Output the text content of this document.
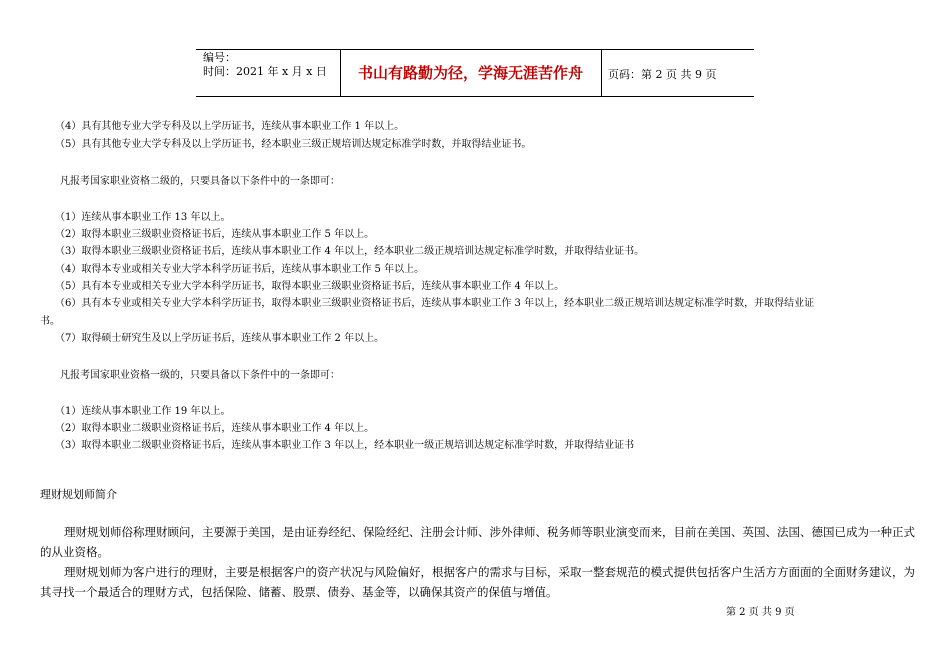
编号：
时间：2021 年 x 月 x 日	书山有路勤为径，学海无涯苦作舟	页码：第 2 页 共 9 页
（4）具有其他专业大学专科及以上学历证书，连续从事本职业工作 1 年以上。
（5）具有其他专业大学专科及以上学历证书，经本职业三级正规培训达规定标准学时数，并取得结业证书。
凡报考国家职业资格二级的，只要具备以下条件中的一条即可：
（1）连续从事本职业工作 13 年以上。
（2）取得本职业三级职业资格证书后，连续从事本职业工作 5 年以上。
（3）取得本职业三级职业资格证书后，连续从事本职业工作 4 年以上，经本职业二级正规培训达规定标准学时数，并取得结业证书。
（4）取得本专业或相关专业大学本科学历证书后，连续从事本职业工作 5 年以上。
（5）具有本专业或相关专业大学本科学历证书，取得本职业三级职业资格证书后，连续从事本职业工作 4 年以上。
（6）具有本专业或相关专业大学本科学历证书，取得本职业三级职业资格证书后，连续从事本职业工作 3 年以上，经本职业二级正规培训达规定标准学时数，并取得结业证
书。
（7）取得硕士研究生及以上学历证书后，连续从事本职业工作 2 年以上。
凡报考国家职业资格一级的，只要具备以下条件中的一条即可：
（1）连续从事本职业工作 19 年以上。
（2）取得本职业二级职业资格证书后，连续从事本职业工作 4 年以上。
（3）取得本职业二级职业资格证书后，连续从事本职业工作 3 年以上，经本职业一级正规培训达规定标准学时数，并取得结业证书
理财规划师简介
理财规划师俗称理财顾问，主要源于美国，是由证券经纪、保险经纪、注册会计师、涉外律师、税务师等职业演变而来，目前在美国、英国、法国、德国已成为一种正式的从业资格。
理财规划师为客户进行的理财，主要是根据客户的资产状况与风险偏好，根据客户的需求与目标，采取一整套规范的模式提供包括客户生活方方面面的全面财务建议，为其寻找一个最适合的理财方式，包括保险、储蓄、股票、债券、基金等，以确保其资产的保值与增值。
第 2 页 共 9 页
